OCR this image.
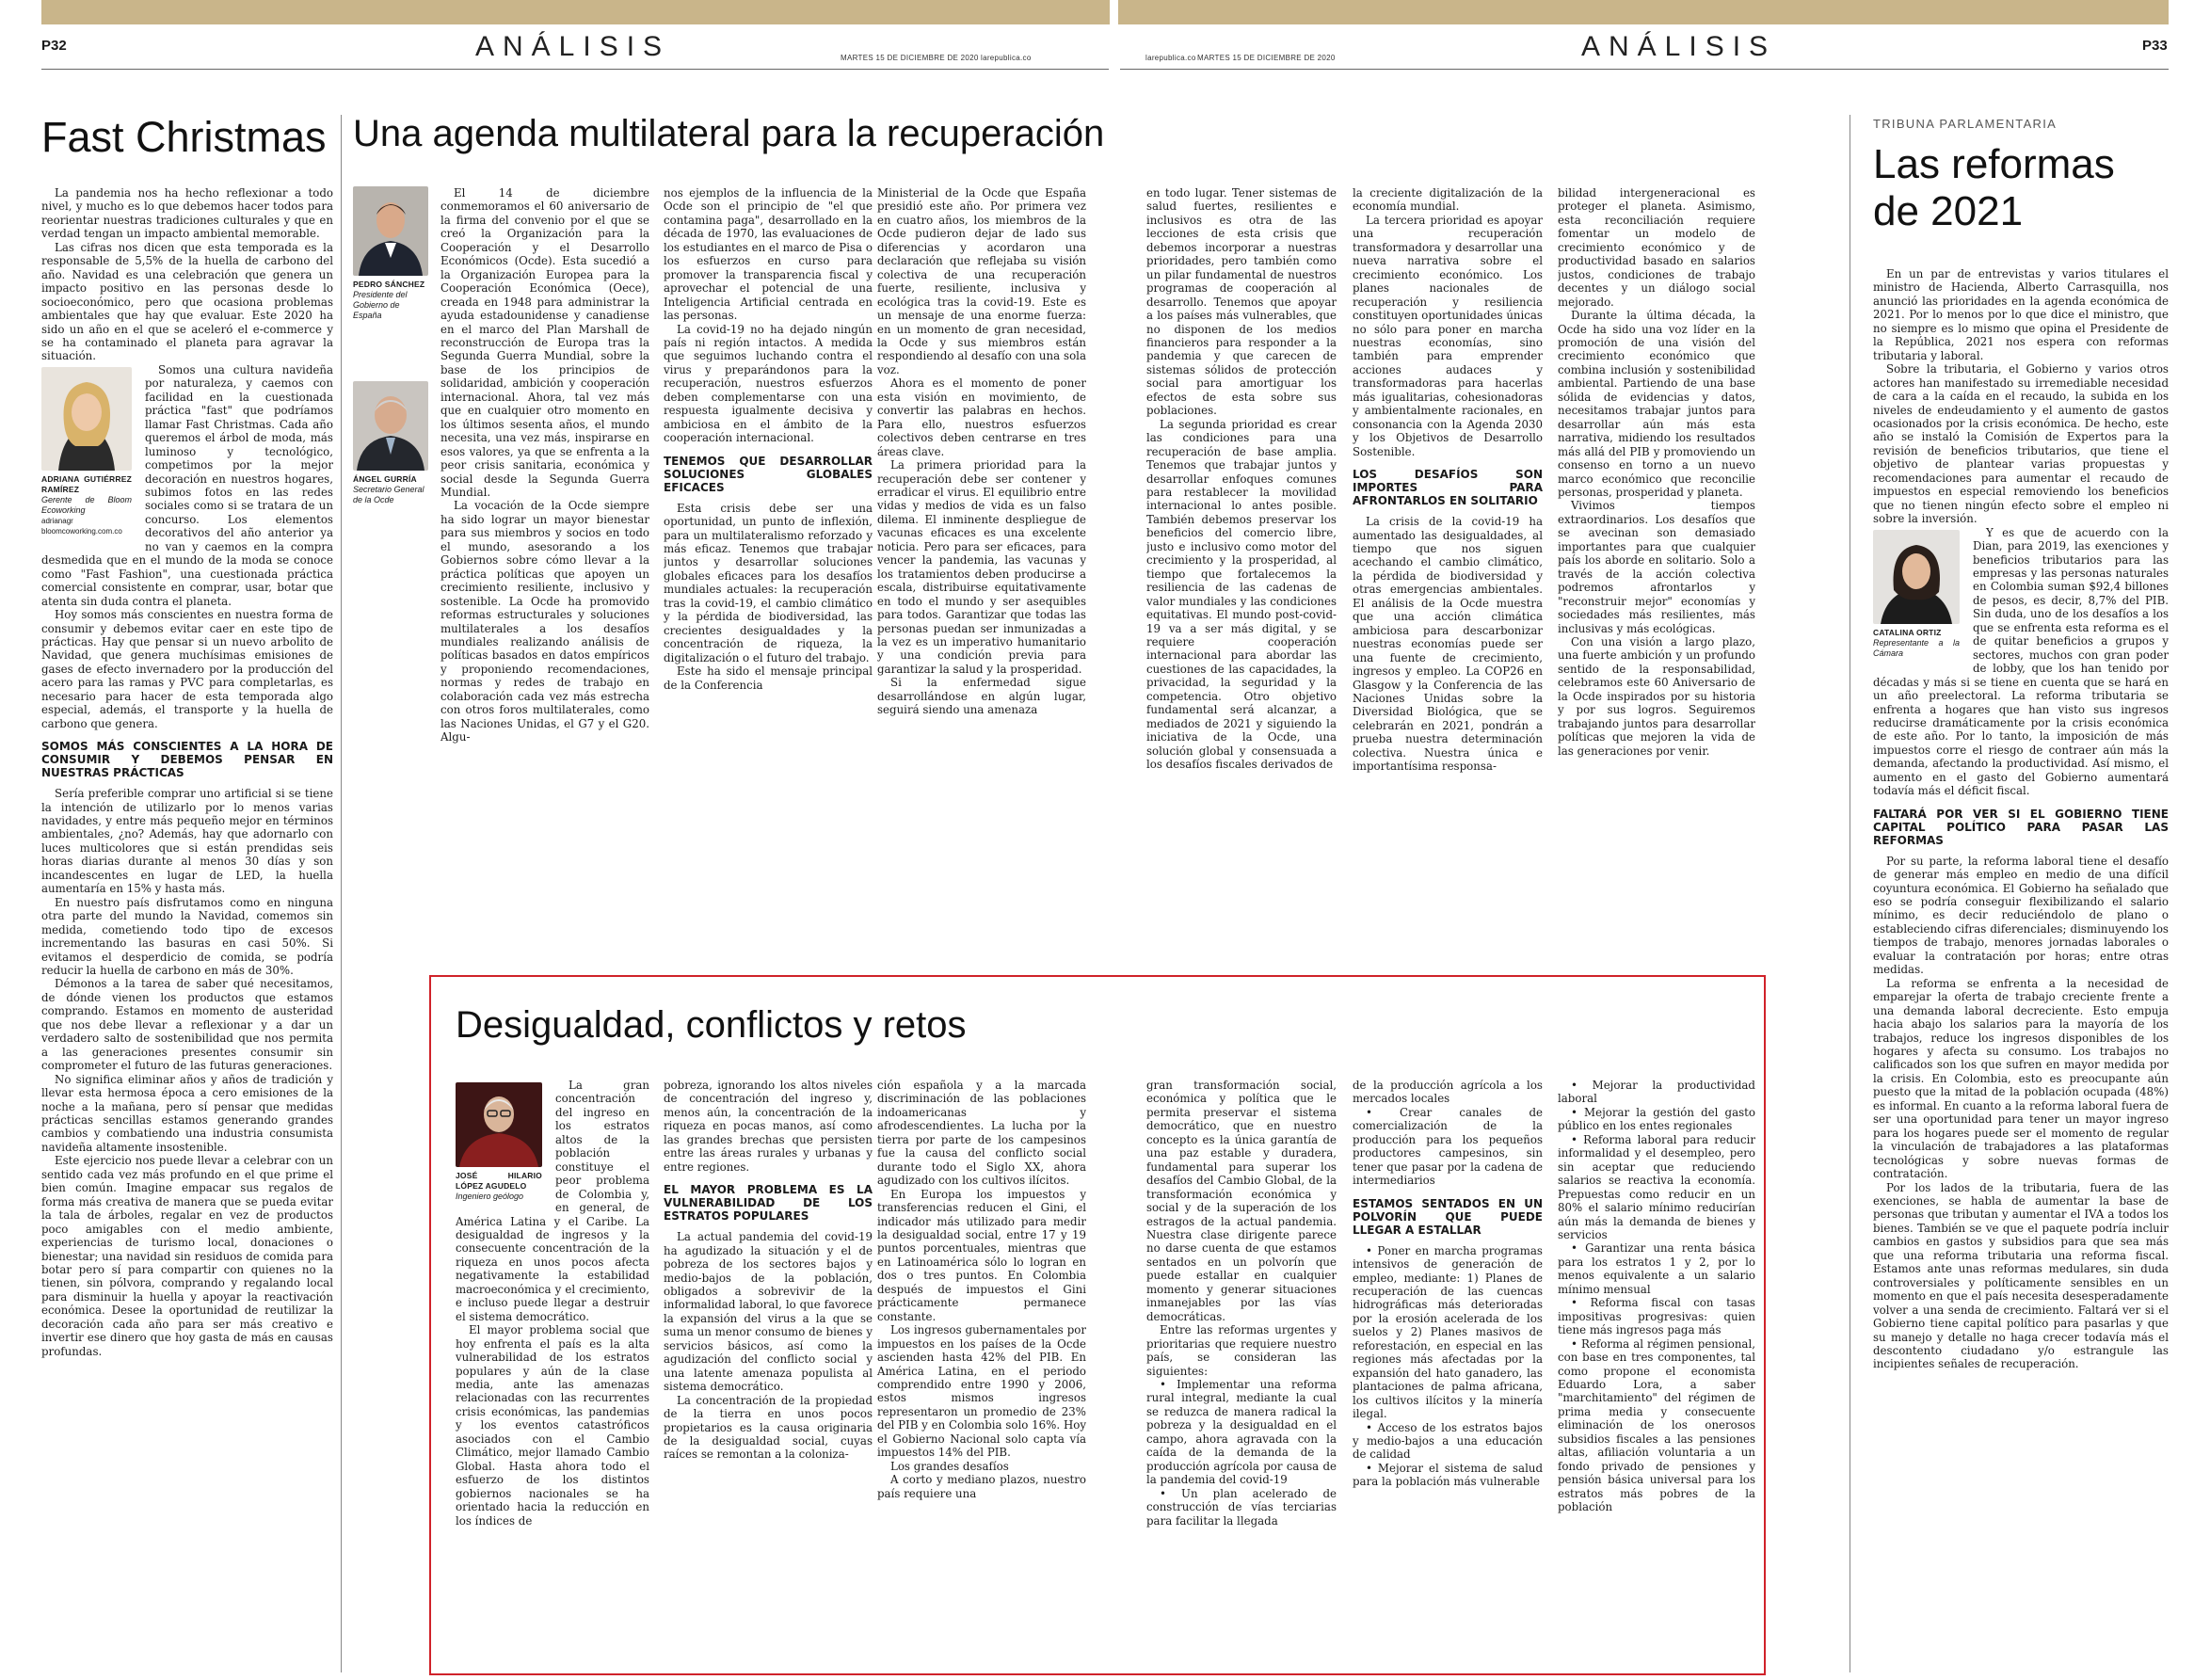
P32	ANÁLISIS	MARTES 15 DE DICIEMBRE DE 2020 larepublica.co	larepublica.co MARTES 15 DE DICIEMBRE DE 2020	ANÁLISIS	P33
Fast Christmas

La pandemia nos ha hecho reflexionar a todo nivel, y mucho es lo que debemos hacer todos para reorientar nuestras tradiciones culturales y que en verdad tengan un impacto ambiental memorable.

Las cifras nos dicen que esta temporada es la responsable de 5,5% de la huella de carbono del año. Navidad es una celebración que genera un impacto positivo en las personas desde lo socioeconómico, pero que ocasiona problemas ambientales que hay que evaluar. Este 2020 ha sido un año en el que se aceleró el e-commerce y se ha contaminado el planeta para agravar la situación.

ADRIANA GUTIÉRREZ RAMÍREZ
Gerente de Bloom Ecoworking
adrianagr
bloomcoworking.com.co

Somos una cultura navideña por naturaleza, y caemos con facilidad en la cuestionada práctica "fast" que podríamos llamar Fast Christmas. Cada año queremos el árbol de moda, más luminoso y tecnológico, competimos por la mejor decoración en nuestros hogares, subimos fotos en las redes sociales como si se tratara de un concurso. Los elementos decorativos del año anterior ya no van y caemos en la compra desmedida que en el mundo de la moda se conoce como "Fast Fashion", una cuestionada práctica comercial consistente en comprar, usar, botar que atenta sin duda contra el planeta.

Hoy somos más conscientes en nuestra forma de consumir y debemos evitar caer en este tipo de prácticas. Hay que pensar si un nuevo arbolito de Navidad, que genera muchísimas emisiones de gases de efecto invernadero por la producción del acero para las ramas y PVC para completarlas, es necesario para hacer de esta temporada algo especial, además, el transporte y la huella de carbono que genera.

SOMOS MÁS CONSCIENTES A LA HORA DE CONSUMIR Y DEBEMOS PENSAR EN NUESTRAS PRÁCTICAS

Sería preferible comprar uno artificial si se tiene la intención de utilizarlo por lo menos varias navidades, y entre más pequeño mejor en términos ambientales, ¿no? Además, hay que adornarlo con luces multicolores que si están prendidas seis horas diarias durante al menos 30 días y son incandescentes en lugar de LED, la huella aumentaría en 15% y hasta más.

En nuestro país disfrutamos como en ninguna otra parte del mundo la Navidad, comemos sin medida, cometiendo todo tipo de excesos incrementando las basuras en casi 50%. Si evitamos el desperdicio de comida, se podría reducir la huella de carbono en más de 30%.

Démonos a la tarea de saber qué necesitamos, de dónde vienen los productos que estamos comprando. Estamos en momento de austeridad que nos debe llevar a reflexionar y a dar un verdadero salto de sostenibilidad que nos permita a las generaciones presentes consumir sin comprometer el futuro de las futuras generaciones.

No significa eliminar años y años de tradición y llevar esta hermosa época a cero emisiones de la noche a la mañana, pero sí pensar que medidas prácticas sencillas estamos generando grandes cambios y combatiendo una industria consumista navideña altamente insostenible.

Este ejercicio nos puede llevar a celebrar con un sentido cada vez más profundo en el que prime el bien común. Imagine empacar sus regalos de forma más creativa de manera que se pueda evitar la tala de árboles, regalar en vez de productos poco amigables con el medio ambiente, experiencias de turismo local, donaciones o bienestar; una navidad sin residuos de comida para botar pero sí para compartir con quienes no la tienen, sin pólvora, comprando y regalando local para disminuir la huella y apoyar la reactivación económica. Desee la oportunidad de reutilizar la decoración cada año para ser más creativo e invertir ese dinero que hoy gasta de más en causas profundas.

Una agenda multilateral para la recuperación
PEDRO SÁNCHEZ
Presidente del Gobierno de España
ÁNGEL GURRÍA
Secretario General de la Ocde

El 14 de diciembre conmemoramos el 60 aniversario de la firma del convenio por el que se creó la Organización para la Cooperación y el Desarrollo Económicos (Ocde). Esta sucedió a la Organización Europea para la Cooperación Económica (Oece), creada en 1948 para administrar la ayuda estadounidense y canadiense en el marco del Plan Marshall de reconstrucción de Europa tras la Segunda Guerra Mundial, sobre la base de los principios de solidaridad, ambición y cooperación internacional. Ahora, tal vez más que en cualquier otro momento en los últimos sesenta años, el mundo necesita, una vez más, inspirarse en esos valores, ya que se enfrenta a la peor crisis sanitaria, económica y social desde la Segunda Guerra Mundial.

La vocación de la Ocde siempre ha sido lograr un mayor bienestar para sus miembros y socios en todo el mundo, asesorando a los Gobiernos sobre cómo llevar a la práctica políticas que apoyen un crecimiento resiliente, inclusivo y sostenible. La Ocde ha promovido reformas estructurales y soluciones multilaterales a los desafíos mundiales realizando análisis de políticas basados en datos empíricos y proponiendo recomendaciones, normas y redes de trabajo en colaboración cada vez más estrecha con otros foros multilaterales, como las Naciones Unidas, el G7 y el G20. Algu-

nos ejemplos de la influencia de la Ocde son el principio de "el que contamina paga", desarrollado en la década de 1970, las evaluaciones de los estudiantes en el marco de Pisa o los esfuerzos en curso para promover la transparencia fiscal y aprovechar el potencial de una Inteligencia Artificial centrada en las personas.

La covid-19 no ha dejado ningún país ni región intactos. A medida que seguimos luchando contra el virus y preparándonos para la recuperación, nuestros esfuerzos deben complementarse con una respuesta igualmente decisiva y ambiciosa en el ámbito de la cooperación internacional.

TENEMOS QUE DESARROLLAR SOLUCIONES GLOBALES EFICACES

Esta crisis debe ser una oportunidad, un punto de inflexión, para un multilateralismo reforzado y más eficaz. Tenemos que trabajar juntos y desarrollar soluciones globales eficaces para los desafíos mundiales actuales: la recuperación tras la covid-19, el cambio climático y la pérdida de biodiversidad, las crecientes desigualdades y la concentración de riqueza, la digitalización o el futuro del trabajo.

Este ha sido el mensaje principal de la Conferencia

Ministerial de la Ocde que España presidió este año. Por primera vez en cuatro años, los miembros de la Ocde pudieron dejar de lado sus diferencias y acordaron una declaración que reflejaba su visión colectiva de una recuperación fuerte, resiliente, inclusiva y ecológica tras la covid-19. Este es un mensaje de una enorme fuerza: en un momento de gran necesidad, la Ocde y sus miembros están respondiendo al desafío con una sola voz.

Ahora es el momento de poner esta visión en movimiento, de convertir las palabras en hechos. Para ello, nuestros esfuerzos colectivos deben centrarse en tres áreas clave.

La primera prioridad para la recuperación debe ser contener y erradicar el virus. El equilibrio entre vidas y medios de vida es un falso dilema. El inminente despliegue de vacunas eficaces es una excelente noticia. Pero para ser eficaces, para vencer la pandemia, las vacunas y los tratamientos deben producirse a escala, distribuirse equitativamente en todo el mundo y ser asequibles para todos. Garantizar que todas las personas puedan ser inmunizadas a la vez es un imperativo humanitario y una condición previa para garantizar la salud y la prosperidad.

Si la enfermedad sigue desarrollándose en algún lugar, seguirá siendo una amenaza

en todo lugar. Tener sistemas de salud fuertes, resilientes e inclusivos es otra de las lecciones de esta crisis que debemos incorporar a nuestras prioridades, pero también como un pilar fundamental de nuestros programas de cooperación al desarrollo. Tenemos que apoyar a los países más vulnerables, que no disponen de los medios financieros para responder a la pandemia y que carecen de sistemas sólidos de protección social para amortiguar los efectos de esta sobre sus poblaciones.

La segunda prioridad es crear las condiciones para una recuperación de base amplia. Tenemos que trabajar juntos y desarrollar enfoques comunes para restablecer la movilidad internacional lo antes posible. También debemos preservar los beneficios del comercio libre, justo e inclusivo como motor del crecimiento y la prosperidad, al tiempo que fortalecemos la resiliencia de las cadenas de valor mundiales y las condiciones equitativas. El mundo post-covid-19 va a ser más digital, y se requiere cooperación internacional para abordar las cuestiones de las capacidades, la privacidad, la seguridad y la competencia. Otro objetivo fundamental será alcanzar, a mediados de 2021 y siguiendo la iniciativa de la Ocde, una solución global y consensuada a los desafíos fiscales derivados de

la creciente digitalización de la economía mundial.

La tercera prioridad es apoyar una recuperación transformadora y desarrollar una nueva narrativa sobre el crecimiento económico. Los planes nacionales de recuperación y resiliencia constituyen oportunidades únicas no sólo para poner en marcha nuestras economías, sino también para emprender acciones audaces y transformadoras para hacerlas más igualitarias, cohesionadoras y ambientalmente racionales, en consonancia con la Agenda 2030 y los Objetivos de Desarrollo Sostenible.

LOS DESAFÍOS SON IMPORTES PARA AFRONTARLOS EN SOLITARIO

La crisis de la covid-19 ha aumentado las desigualdades, al tiempo que nos siguen acechando el cambio climático, la pérdida de biodiversidad y otras emergencias ambientales. El análisis de la Ocde muestra que una acción climática ambiciosa para descarbonizar nuestras economías puede ser una fuente de crecimiento, ingresos y empleo. La COP26 en Glasgow y la Conferencia de las Naciones Unidas sobre la Diversidad Biológica, que se celebrarán en 2021, pondrán a prueba nuestra determinación colectiva. Nuestra única e importantísima responsa-

bilidad intergeneracional es proteger el planeta. Asimismo, esta reconciliación requiere fomentar un modelo de crecimiento económico y de productividad basado en salarios justos, condiciones de trabajo decentes y un diálogo social mejorado.

Durante la última década, la Ocde ha sido una voz líder en la promoción de una visión del crecimiento económico que combina inclusión y sostenibilidad ambiental. Partiendo de una base sólida de evidencias y datos, necesitamos trabajar juntos para desarrollar aún más esta narrativa, midiendo los resultados más allá del PIB y promoviendo un consenso en torno a un nuevo marco económico que reconcilie personas, prosperidad y planeta.

Vivimos tiempos extraordinarios. Los desafíos que se avecinan son demasiado importantes para que cualquier país los aborde en solitario. Solo a través de la acción colectiva podremos afrontarlos y "reconstruir mejor" economías y sociedades más resilientes, más inclusivas y más ecológicas.

Con una visión a largo plazo, una fuerte ambición y un profundo sentido de la responsabilidad, celebramos este 60 Aniversario de la Ocde inspirados por su historia y por sus logros. Seguiremos trabajando juntos para desarrollar políticas que mejoren la vida de las generaciones por venir.

Desigualdad, conflictos y retos
JOSÉ HILARIO LÓPEZ AGUDELO
Ingeniero geólogo

La gran concentración del ingreso en los estratos altos de la población constituye el peor problema de Colombia y, en general, de América Latina y el Caribe. La desigualdad de ingresos y la consecuente concentración de la riqueza en unos pocos afecta negativamente la estabilidad macroeconómica y el crecimiento, e incluso puede llegar a destruir el sistema democrático.

El mayor problema social que hoy enfrenta el país es la alta vulnerabilidad de los estratos populares y aún de la clase media, ante las amenazas relacionadas con las recurrentes crisis económicas, las pandemias y los eventos catastróficos asociados con el Cambio Climático, mejor llamado Cambio Global. Hasta ahora todo el esfuerzo de los distintos gobiernos nacionales se ha orientado hacia la reducción en los índices de

pobreza, ignorando los altos niveles de concentración del ingreso y, menos aún, la concentración de la riqueza en pocas manos, así como las grandes brechas que persisten entre las áreas rurales y urbanas y entre regiones.

EL MAYOR PROBLEMA ES LA VULNERABILIDAD DE LOS ESTRATOS POPULARES

La actual pandemia del covid-19 ha agudizado la situación y el de pobreza de los sectores bajos y medio-bajos de la población, obligados a sobrevivir de la informalidad laboral, lo que favorece la expansión del virus a la que se suma un menor consumo de bienes y servicios básicos, así como la agudización del conflicto social y una latente amenaza populista al sistema democrático.

La concentración de la propiedad de la tierra en unos pocos propietarios es la causa originaria de la desigualdad social, cuyas raíces se remontan a la coloniza-

ción española y a la marcada discriminación de las poblaciones indoamericanas y afrodescendientes. La lucha por la tierra por parte de los campesinos fue la causa del conflicto social durante todo el Siglo XX, ahora agudizado con los cultivos ilícitos.

En Europa los impuestos y transferencias reducen el Gini, el indicador más utilizado para medir la desigualdad social, entre 17 y 19 puntos porcentuales, mientras que en Latinoamérica sólo lo logran en dos o tres puntos. En Colombia después de impuestos el Gini prácticamente permanece constante.

Los ingresos gubernamentales por impuestos en los países de la Ocde ascienden hasta 42% del PIB. En América Latina, en el periodo comprendido entre 1990 y 2006, estos mismos ingresos representaron un promedio de 23% del PIB y en Colombia solo 16%. Hoy el Gobierno Nacional solo capta vía impuestos 14% del PIB.

Los grandes desafíos

A corto y mediano plazos, nuestro país requiere una

gran transformación social, económica y política que le permita preservar el sistema democrático, que en nuestro concepto es la única garantía de una paz estable y duradera, fundamental para superar los desafíos del Cambio Global, de la transformación económica y social y de la superación de los estragos de la actual pandemia. Nuestra clase dirigente parece no darse cuenta de que estamos sentados en un polvorín que puede estallar en cualquier momento y generar situaciones inmanejables por las vías democráticas.

Entre las reformas urgentes y prioritarias que requiere nuestro país, se consideran las siguientes:

• Implementar una reforma rural integral, mediante la cual se reduzca de manera radical la pobreza y la desigualdad en el campo, ahora agravada con la caída de la demanda de la producción agrícola por causa de la pandemia del covid-19

• Un plan acelerado de construcción de vías terciarias para facilitar la llegada

de la producción agrícola a los mercados locales

• Crear canales de comercialización de la producción para los pequeños productores campesinos, sin tener que pasar por la cadena de intermediarios

ESTAMOS SENTADOS EN UN POLVORÍN QUE PUEDE LLEGAR A ESTALLAR

• Poner en marcha programas intensivos de generación de empleo, mediante: 1) Planes de recuperación de las cuencas hidrográficas más deterioradas por la erosión acelerada de los suelos y 2) Planes masivos de reforestación, en especial en las regiones más afectadas por la expansión del hato ganadero, las plantaciones de palma africana, los cultivos ilícitos y la minería ilegal.

• Acceso de los estratos bajos y medio-bajos a una educación de calidad

• Mejorar el sistema de salud para la población más vulnerable

• Mejorar la productividad laboral

• Mejorar la gestión del gasto público en los entes regionales

• Reforma laboral para reducir informalidad y el desempleo, pero sin aceptar que reduciendo salarios se reactiva la economía. Prepuestas como reducir en un 80% el salario mínimo reducirían aún más la demanda de bienes y servicios

• Garantizar una renta básica para los estratos 1 y 2, por lo menos equivalente a un salario mínimo mensual

• Reforma fiscal con tasas impositivas progresivas: quien tiene más ingresos paga más

• Reforma al régimen pensional, con base en tres componentes, tal como propone el economista Eduardo Lora, a saber "marchitamiento" del régimen de prima media y consecuente eliminación de los onerosos subsidios fiscales a las pensiones altas, afiliación voluntaria a un fondo privado de pensiones y pensión básica universal para los estratos más pobres de la población

TRIBUNA PARLAMENTARIA
Las reformas
de 2021

En un par de entrevistas y varios titulares el ministro de Hacienda, Alberto Carrasquilla, nos anunció las prioridades en la agenda económica de 2021. Por lo menos por lo que dice el ministro, que no siempre es lo mismo que opina el Presidente de la República, 2021 nos espera con reformas tributaria y laboral.

Sobre la tributaria, el Gobierno y varios otros actores han manifestado su irremediable necesidad de cara a la caída en el recaudo, la subida en los niveles de endeudamiento y el aumento de gastos ocasionados por la crisis económica. De hecho, este año se instaló la Comisión de Expertos para la revisión de beneficios tributarios, que tiene el objetivo de plantear varias propuestas y recomendaciones para aumentar el recaudo de impuestos en especial removiendo los beneficios que no tienen ningún efecto sobre el empleo ni sobre la inversión.

CATALINA ORTIZ
Representante a la Cámara

Y es que de acuerdo con la Dian, para 2019, las exenciones y beneficios tributarios para las empresas y las personas naturales en Colombia suman $92,4 billones de pesos, es decir, 8,7% del PIB. Sin duda, uno de los desafíos a los que se enfrenta esta reforma es el de quitar beneficios a grupos y sectores, muchos con gran poder de lobby, que los han tenido por décadas y más si se tiene en cuenta que se hará en un año preelectoral. La reforma tributaria se enfrenta a hogares que han visto sus ingresos reducirse dramáticamente por la crisis económica de este año. Por lo tanto, la imposición de más impuestos corre el riesgo de contraer aún más la demanda, afectando la productividad. Así mismo, el aumento en el gasto del Gobierno aumentará todavía más el déficit fiscal.

FALTARÁ POR VER SI EL GOBIERNO TIENE CAPITAL POLÍTICO PARA PASAR LAS REFORMAS

Por su parte, la reforma laboral tiene el desafío de generar más empleo en medio de una difícil coyuntura económica. El Gobierno ha señalado que eso se podría conseguir flexibilizando el salario mínimo, es decir reduciéndolo de plano o estableciendo cifras diferenciales; disminuyendo los tiempos de trabajo, menores jornadas laborales o evaluar la contratación por horas; entre otras medidas.

La reforma se enfrenta a la necesidad de emparejar la oferta de trabajo creciente frente a una demanda laboral decreciente. Esto empuja hacia abajo los salarios para la mayoría de los trabajos, reduce los ingresos disponibles de los hogares y afecta su consumo. Los trabajos no calificados son los que sufren en mayor medida por la crisis. En Colombia, esto es preocupante aún puesto que la mitad de la población ocupada (48%) es informal. En cuanto a la reforma laboral fuera de ser una oportunidad para tener un mayor ingreso para los hogares puede ser el momento de regular la vinculación de trabajadores a las plataformas tecnológicas y sobre nuevas formas de contratación.

Por los lados de la tributaria, fuera de las exenciones, se habla de aumentar la base de personas que tributan y aumentar el IVA a todos los bienes. También se ve que el paquete podría incluir cambios en gastos y subsidios para que sea más que una reforma tributaria una reforma fiscal. Estamos ante unas reformas medulares, sin duda controversiales y políticamente sensibles en un momento en que el país necesita desesperadamente volver a una senda de crecimiento. Faltará ver si el Gobierno tiene capital político para pasarlas y que su manejo y detalle no haga crecer todavía más el descontento ciudadano y/o estrangule las incipientes señales de recuperación.
